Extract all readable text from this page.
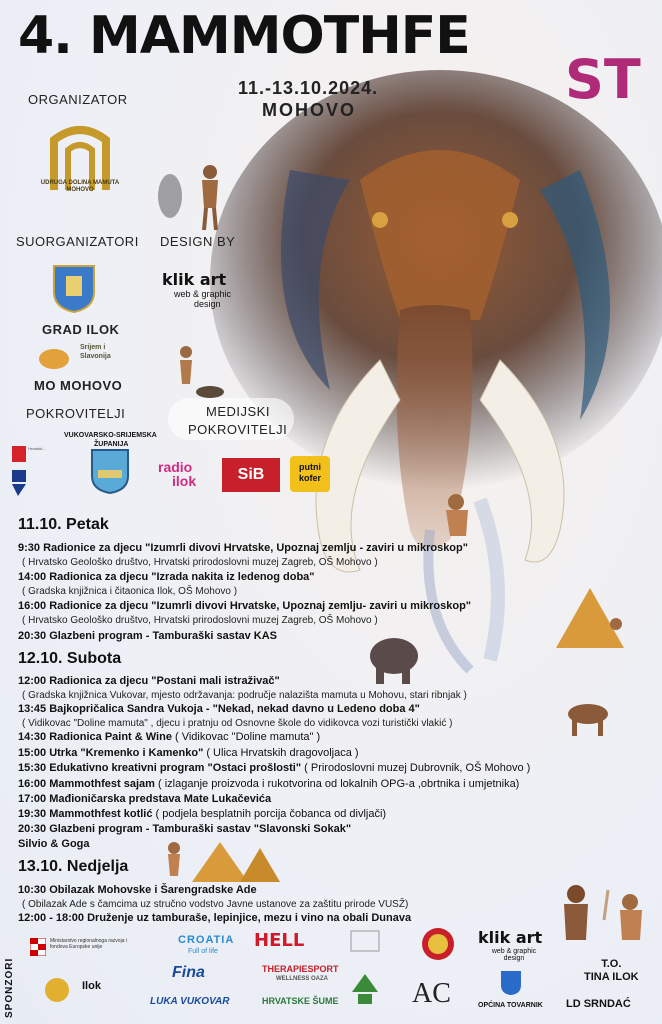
4. MAMMOTHFE
ST
11.-13.10.2024.
MOHOVO
ORGANIZATOR
UDRUGA DOLINA MAMUTA MOHOVO
SUORGANIZATORI DESIGN BY
GRAD ILOK
Srijem i
Slavonija
MO MOHOVO
klik art
web & graphic
design
POKROVITELJI	MEDIJSKI
POKROVITELJI
Hrvatski...
VUKOVARSKO-SRIJEMSKA
ŽUPANIJA
radio
ilok	SiB	putni
kofer
11.10. Petak
9:30 Radionice za djecu "Izumrli divovi Hrvatske, Upoznaj zemlju - zaviri u mikroskop"
( Hrvatsko Geološko društvo, Hrvatski prirodoslovni muzej Zagreb, OŠ Mohovo )
14:00 Radionica za djecu "Izrada nakita iz ledenog doba"
( Gradska knjižnica i čitaonica Ilok, OŠ Mohovo )
16:00 Radionice za djecu "Izumrli divovi Hrvatske, Upoznaj zemlju- zaviri u mikroskop"
( Hrvatsko Geološko društvo, Hrvatski prirodoslovni muzej Zagreb, OŠ Mohovo )
20:30 Glazbeni program - Tamburaški sastav KAS
12.10. Subota
12:00 Radionica za djecu "Postani mali istraživač"
( Gradska knjižnica Vukovar, mjesto održavanja: područje nalazišta mamuta u Mohovu, stari ribnjak )
13:45 Bajkopričalica Sandra Vukoja - "Nekad, nekad davno u Ledeno doba 4"
( Vidikovac "Doline mamuta" , djecu i pratnju od Osnovne škole do vidikovca vozi turistički vlakić )
14:30 Radionica Paint & Wine ( Vidikovac "Doline mamuta" )
15:00 Utrka "Kremenko i Kamenko" ( Ulica Hrvatskih dragovoljaca )
15:30 Edukativno kreativni program "Ostaci prošlosti" ( Prirodoslovni muzej Dubrovnik, OŠ Mohovo )
16:00 Mammothfest sajam ( izlaganje proizvoda i rukotvorina od lokalnih OPG-a ,obrtnika i umjetnika)
17:00 Mađioničarska predstava Mate Lukačevića
19:30 Mammothfest kotlić ( podjela besplatnih porcija čobanca od divljači)
20:30 Glazbeni program - Tamburaški sastav "Slavonski Sokak"
Silvio & Goga
13.10. Nedjelja
10:30 Obilazak Mohovske i Šarengradske Ade
( Obilazak Ade s čamcima uz stručno vodstvo Javne ustanove za zaštitu prirode VUSŽ)
12:00 - 18:00 Druženje uz tamburaše, lepinjice, mezu i vino na obali Dunava
SPONZORI
Ministarstvo regionalnoga razvoja i fondova Europske unije
CROATIA
Full of life
HELL	klik art
web & graphic design
Fina	THERAPIESPORT
WELLNESS OAZA
Ilok
LUKA VUKOVAR	HRVATSKE ŠUME	AC	OPĆINA TOVARNIK
T.O.
TINA ILOK
LD SRNDAĆ
